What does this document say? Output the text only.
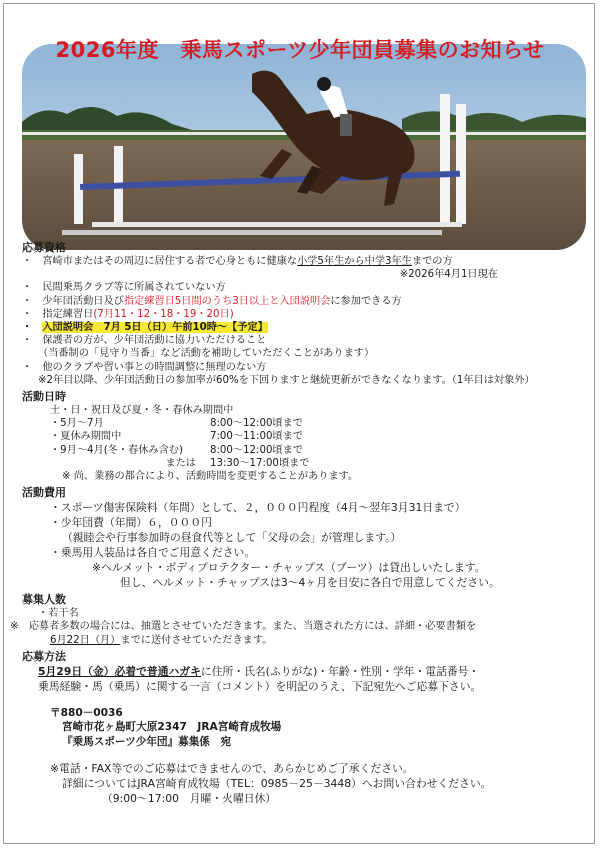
2026年度　乗馬スポーツ少年団員募集のお知らせ
応募資格
・　宮崎市またはその周辺に居住する者で心身ともに健康な小学5年生から中学3年生までの方
※2026年4月1日現在
・　民間乗馬クラブ等に所属されていない方
・　少年団活動日及び指定練習日5日間のうち3日以上と入団説明会に参加できる方
・　指定練習日(7月11・12・18・19・20日)
・　入団説明会　7月 5日（日）午前10時～【予定】
・　保護者の方が、少年団活動に協力いただけること
（当番制の「見守り当番」など活動を補助していただくことがあります）
・　他のクラブや習い事との時間調整に無理のない方
※2年目以降、少年団活動日の参加率が60%を下回りますと継続更新ができなくなります。（1年目は対象外）
活動日時
土・日・祝日及び夏・冬・春休み期間中
・5月～7月	8:00～12:00頃まで
・夏休み期間中	7:00～11:00頃まで
・9月～4月(冬・春休み含む)	8:00～12:00頃まで
または	13:30～17:00頃まで
※ 尚、業務の都合により、活動時間を変更することがあります。
活動費用
・スポーツ傷害保険料（年間）として、２，０００円程度（4月～翌年3月31日まで）
・少年団費（年間）６，０００円
（親睦会や行事参加時の昼食代等として「父母の会」が管理します。）
・乗馬用人装品は各自でご用意ください。
※ヘルメット・ボディプロテクター・チャップス（ブーツ）は貸出しいたします。
但し、ヘルメット・チャップスは3～4ヶ月を目安に各自で用意してください。
募集人数
・若干名
※　応募者多数の場合には、抽選とさせていただきます。また、当選された方には、詳細・必要書類を
6月22日（月）までに送付させていただきます。
応募方法
5月29日（金）必着で普通ハガキに住所・氏名(ふりがな)・年齢・性別・学年・電話番号・
乗馬経験・馬（乗馬）に関する一言（コメント）を明記のうえ、下記宛先へご応募下さい。
〒880－0036
宮崎市花ヶ島町大原2347　JRA宮崎育成牧場
『乗馬スポーツ少年団』募集係　宛
※電話・FAX等でのご応募はできませんので、あらかじめご了承ください。
詳細についてはJRA宮崎育成牧場（TEL：0985－25－3448）へお問い合わせください。
（9:00～17:00　月曜・火曜日休）
